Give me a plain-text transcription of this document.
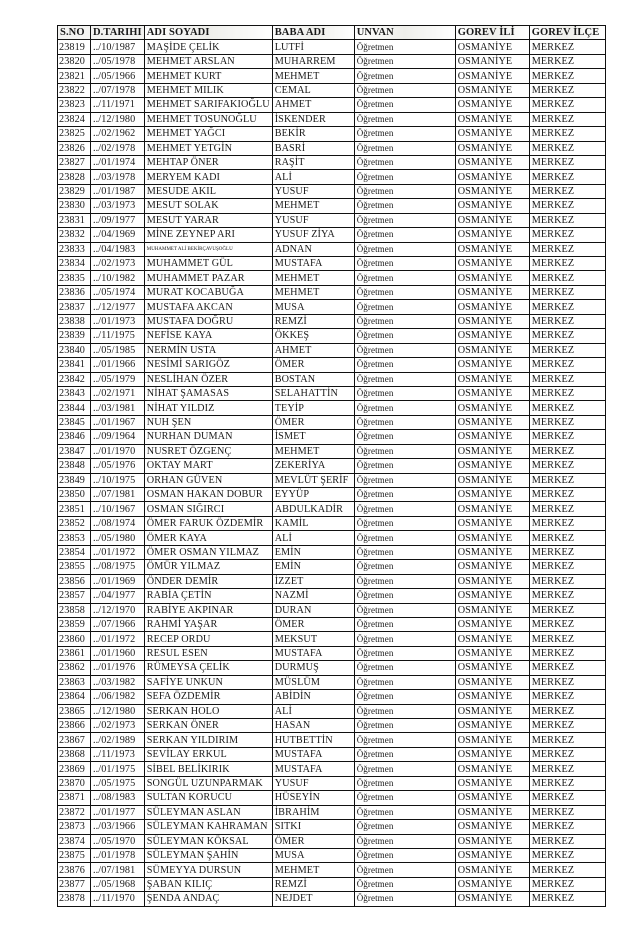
S.NO	D.TARIHI	ADI SOYADI	BABA ADI	UNVAN	GOREV İLİ	GOREV İLÇE
23819	../10/1987	MAŞİDE ÇELİK	LUTFİ	Öğretmen	OSMANİYE	MERKEZ
23820	../05/1978	MEHMET ARSLAN	MUHARREM	Öğretmen	OSMANİYE	MERKEZ
23821	../05/1966	MEHMET KURT	MEHMET	Öğretmen	OSMANİYE	MERKEZ
23822	../07/1978	MEHMET MILIK	CEMAL	Öğretmen	OSMANİYE	MERKEZ
23823	../11/1971	MEHMET SARIFAKIOĞLU	AHMET	Öğretmen	OSMANİYE	MERKEZ
23824	../12/1980	MEHMET TOSUNOĞLU	İSKENDER	Öğretmen	OSMANİYE	MERKEZ
23825	../02/1962	MEHMET YAĞCI	BEKİR	Öğretmen	OSMANİYE	MERKEZ
23826	../02/1978	MEHMET YETGİN	BASRİ	Öğretmen	OSMANİYE	MERKEZ
23827	../01/1974	MEHTAP ÖNER	RAŞİT	Öğretmen	OSMANİYE	MERKEZ
23828	../03/1978	MERYEM KADI	ALİ	Öğretmen	OSMANİYE	MERKEZ
23829	../01/1987	MESUDE AKIL	YUSUF	Öğretmen	OSMANİYE	MERKEZ
23830	../03/1973	MESUT SOLAK	MEHMET	Öğretmen	OSMANİYE	MERKEZ
23831	../09/1977	MESUT YARAR	YUSUF	Öğretmen	OSMANİYE	MERKEZ
23832	../04/1969	MİNE ZEYNEP ARI	YUSUF ZİYA	Öğretmen	OSMANİYE	MERKEZ
23833	../04/1983	MUHAMMET ALİ BEKİRÇAVUŞOĞLU	ADNAN	Öğretmen	OSMANİYE	MERKEZ
23834	../02/1973	MUHAMMET GÜL	MUSTAFA	Öğretmen	OSMANİYE	MERKEZ
23835	../10/1982	MUHAMMET PAZAR	MEHMET	Öğretmen	OSMANİYE	MERKEZ
23836	../05/1974	MURAT KOCABUĞA	MEHMET	Öğretmen	OSMANİYE	MERKEZ
23837	../12/1977	MUSTAFA AKCAN	MUSA	Öğretmen	OSMANİYE	MERKEZ
23838	../01/1973	MUSTAFA DOĞRU	REMZİ	Öğretmen	OSMANİYE	MERKEZ
23839	../11/1975	NEFİSE KAYA	ÖKKEŞ	Öğretmen	OSMANİYE	MERKEZ
23840	../05/1985	NERMİN USTA	AHMET	Öğretmen	OSMANİYE	MERKEZ
23841	../01/1966	NESİMİ SARIGÖZ	ÖMER	Öğretmen	OSMANİYE	MERKEZ
23842	../05/1979	NESLİHAN ÖZER	BOSTAN	Öğretmen	OSMANİYE	MERKEZ
23843	../02/1971	NİHAT ŞAMASAS	SELAHATTİN	Öğretmen	OSMANİYE	MERKEZ
23844	../03/1981	NİHAT YILDIZ	TEYİP	Öğretmen	OSMANİYE	MERKEZ
23845	../01/1967	NUH ŞEN	ÖMER	Öğretmen	OSMANİYE	MERKEZ
23846	../09/1964	NURHAN DUMAN	İSMET	Öğretmen	OSMANİYE	MERKEZ
23847	../01/1970	NUSRET ÖZGENÇ	MEHMET	Öğretmen	OSMANİYE	MERKEZ
23848	../05/1976	OKTAY MART	ZEKERİYA	Öğretmen	OSMANİYE	MERKEZ
23849	../10/1975	ORHAN GÜVEN	MEVLÜT ŞERİF	Öğretmen	OSMANİYE	MERKEZ
23850	../07/1981	OSMAN HAKAN DOBUR	EYYÜP	Öğretmen	OSMANİYE	MERKEZ
23851	../10/1967	OSMAN SIĞIRCI	ABDULKADİR	Öğretmen	OSMANİYE	MERKEZ
23852	../08/1974	ÖMER FARUK ÖZDEMİR	KAMİL	Öğretmen	OSMANİYE	MERKEZ
23853	../05/1980	ÖMER KAYA	ALİ	Öğretmen	OSMANİYE	MERKEZ
23854	../01/1972	ÖMER OSMAN YILMAZ	EMİN	Öğretmen	OSMANİYE	MERKEZ
23855	../08/1975	ÖMÜR YILMAZ	EMİN	Öğretmen	OSMANİYE	MERKEZ
23856	../01/1969	ÖNDER DEMİR	İZZET	Öğretmen	OSMANİYE	MERKEZ
23857	../04/1977	RABİA ÇETİN	NAZMİ	Öğretmen	OSMANİYE	MERKEZ
23858	../12/1970	RABİYE AKPINAR	DURAN	Öğretmen	OSMANİYE	MERKEZ
23859	../07/1966	RAHMİ YAŞAR	ÖMER	Öğretmen	OSMANİYE	MERKEZ
23860	../01/1972	RECEP ORDU	MEKSUT	Öğretmen	OSMANİYE	MERKEZ
23861	../01/1960	RESUL ESEN	MUSTAFA	Öğretmen	OSMANİYE	MERKEZ
23862	../01/1976	RÜMEYSA ÇELİK	DURMUŞ	Öğretmen	OSMANİYE	MERKEZ
23863	../03/1982	SAFİYE UNKUN	MÜSLÜM	Öğretmen	OSMANİYE	MERKEZ
23864	../06/1982	SEFA ÖZDEMİR	ABİDİN	Öğretmen	OSMANİYE	MERKEZ
23865	../12/1980	SERKAN HOLO	ALİ	Öğretmen	OSMANİYE	MERKEZ
23866	../02/1973	SERKAN ÖNER	HASAN	Öğretmen	OSMANİYE	MERKEZ
23867	../02/1989	SERKAN YILDIRIM	HUTBETTİN	Öğretmen	OSMANİYE	MERKEZ
23868	../11/1973	SEVİLAY ERKUL	MUSTAFA	Öğretmen	OSMANİYE	MERKEZ
23869	../01/1975	SİBEL BELİKIRIK	MUSTAFA	Öğretmen	OSMANİYE	MERKEZ
23870	../05/1975	SONGÜL UZUNPARMAK	YUSUF	Öğretmen	OSMANİYE	MERKEZ
23871	../08/1983	SULTAN KORUCU	HÜSEYİN	Öğretmen	OSMANİYE	MERKEZ
23872	../01/1977	SÜLEYMAN ASLAN	İBRAHİM	Öğretmen	OSMANİYE	MERKEZ
23873	../03/1966	SÜLEYMAN KAHRAMAN	SITKI	Öğretmen	OSMANİYE	MERKEZ
23874	../05/1970	SÜLEYMAN KÖKSAL	ÖMER	Öğretmen	OSMANİYE	MERKEZ
23875	../01/1978	SÜLEYMAN ŞAHİN	MUSA	Öğretmen	OSMANİYE	MERKEZ
23876	../07/1981	SÜMEYYA DURSUN	MEHMET	Öğretmen	OSMANİYE	MERKEZ
23877	../05/1968	ŞABAN KILIÇ	REMZİ	Öğretmen	OSMANİYE	MERKEZ
23878	../11/1970	ŞENDA ANDAÇ	NEJDET	Öğretmen	OSMANİYE	MERKEZ
